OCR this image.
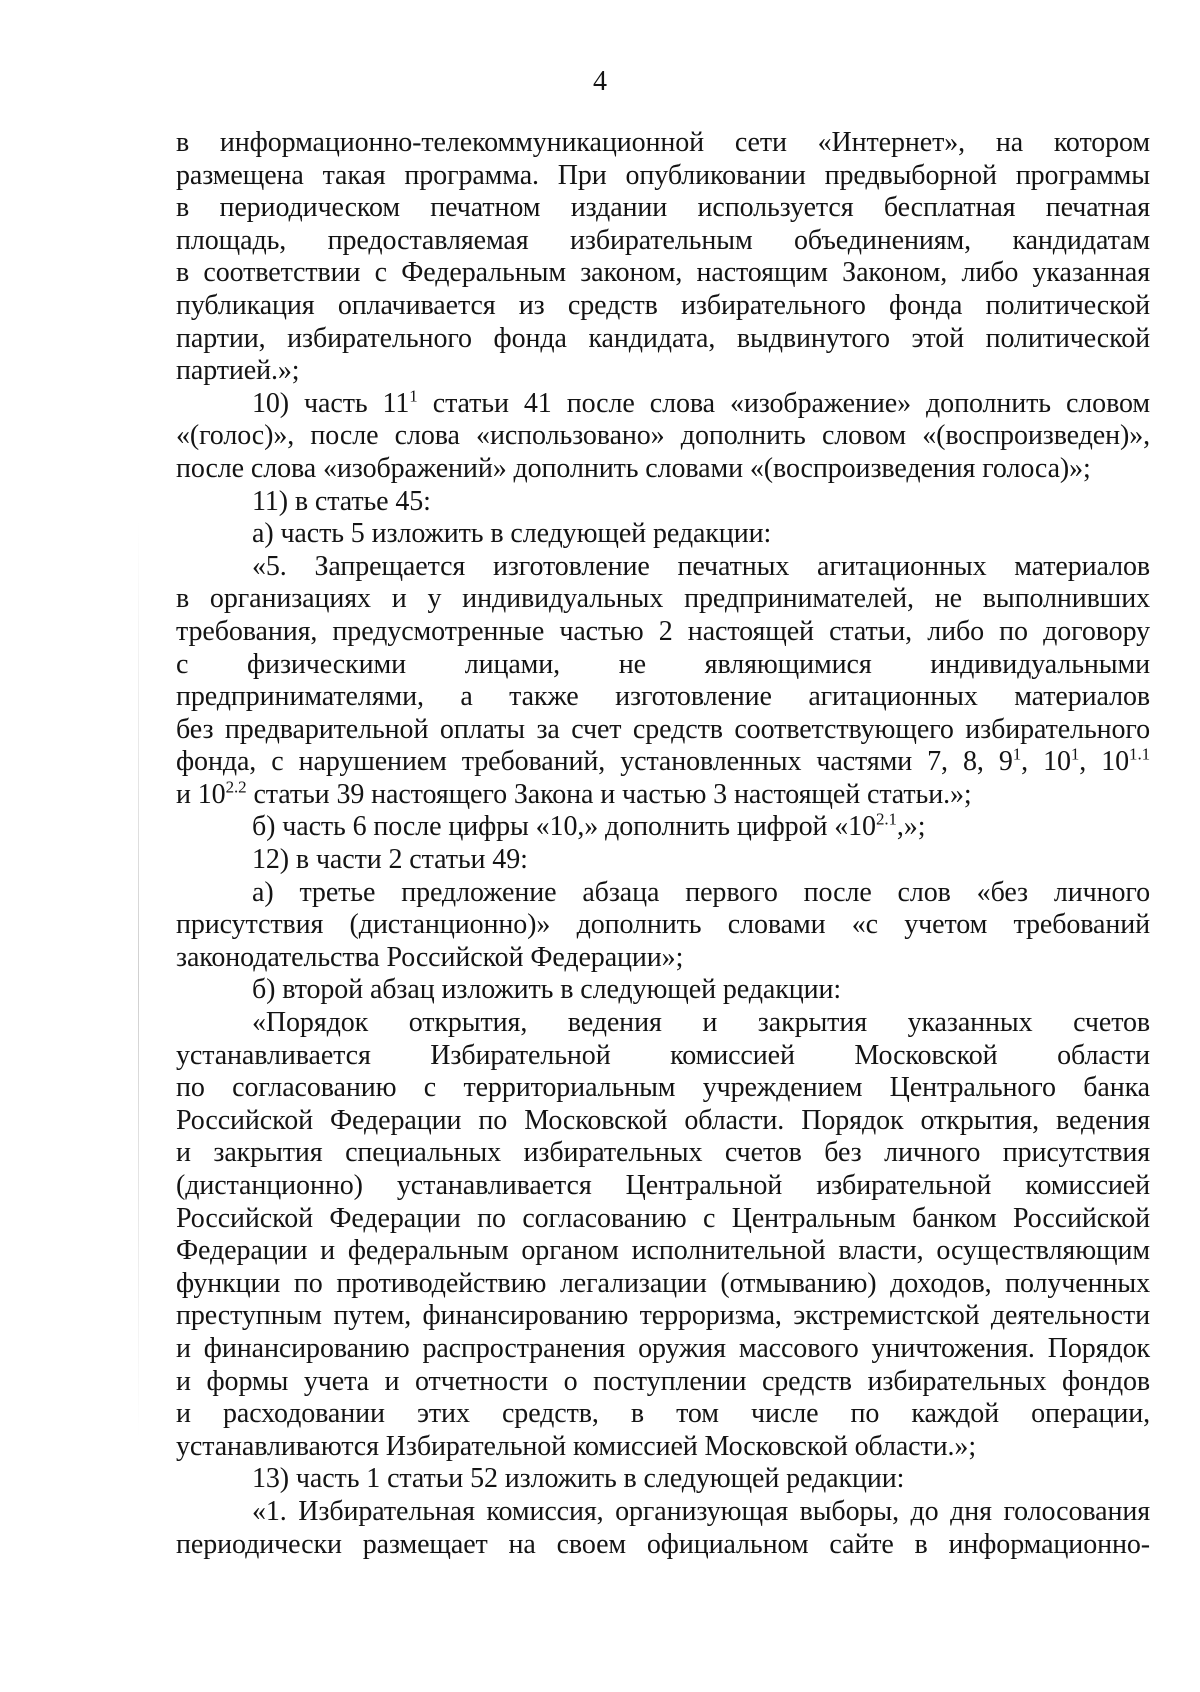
4
в информационно-телекоммуникационной сети «Интернет», на котором
размещена такая программа. При опубликовании предвыборной программы
в периодическом печатном издании используется бесплатная печатная
площадь, предоставляемая избирательным объединениям, кандидатам
в соответствии с Федеральным законом, настоящим Законом, либо указанная
публикация оплачивается из средств избирательного фонда политической
партии, избирательного фонда кандидата, выдвинутого этой политической
партией.»;
10) часть $11^1$ статьи 41 после слова «изображение» дополнить словом
«(голос)», после слова «использовано» дополнить словом «(воспроизведен)»,
после слова «изображений» дополнить словами «(воспроизведения голоса)»;
11) в статье 45:
а) часть 5 изложить в следующей редакции:
«5. Запрещается изготовление печатных агитационных материалов
в организациях и у индивидуальных предпринимателей, не выполнивших
требования, предусмотренные частью 2 настоящей статьи, либо по договору
с физическими лицами, не являющимися индивидуальными
предпринимателями, а также изготовление агитационных материалов
без предварительной оплаты за счет средств соответствующего избирательного
фонда, с нарушением требований, установленных частями 7, 8, $9^1$, $10^1$, $10^{1.1}$
и $10^{2.2}$ статьи 39 настоящего Закона и частью 3 настоящей статьи.»;
б) часть 6 после цифры «10,» дополнить цифрой «$10^{2.1}$,»;
12) в части 2 статьи 49:
а) третье предложение абзаца первого после слов «без личного
присутствия (дистанционно)» дополнить словами «с учетом требований
законодательства Российской Федерации»;
б) второй абзац изложить в следующей редакции:
«Порядок открытия, ведения и закрытия указанных счетов
устанавливается Избирательной комиссией Московской области
по согласованию с территориальным учреждением Центрального банка
Российской Федерации по Московской области. Порядок открытия, ведения
и закрытия специальных избирательных счетов без личного присутствия
(дистанционно) устанавливается Центральной избирательной комиссией
Российской Федерации по согласованию с Центральным банком Российской
Федерации и федеральным органом исполнительной власти, осуществляющим
функции по противодействию легализации (отмыванию) доходов, полученных
преступным путем, финансированию терроризма, экстремистской деятельности
и финансированию распространения оружия массового уничтожения. Порядок
и формы учета и отчетности о поступлении средств избирательных фондов
и расходовании этих средств, в том числе по каждой операции,
устанавливаются Избирательной комиссией Московской области.»;
13) часть 1 статьи 52 изложить в следующей редакции:
«1. Избирательная комиссия, организующая выборы, до дня голосования
периодически размещает на своем официальном сайте в информационно-
